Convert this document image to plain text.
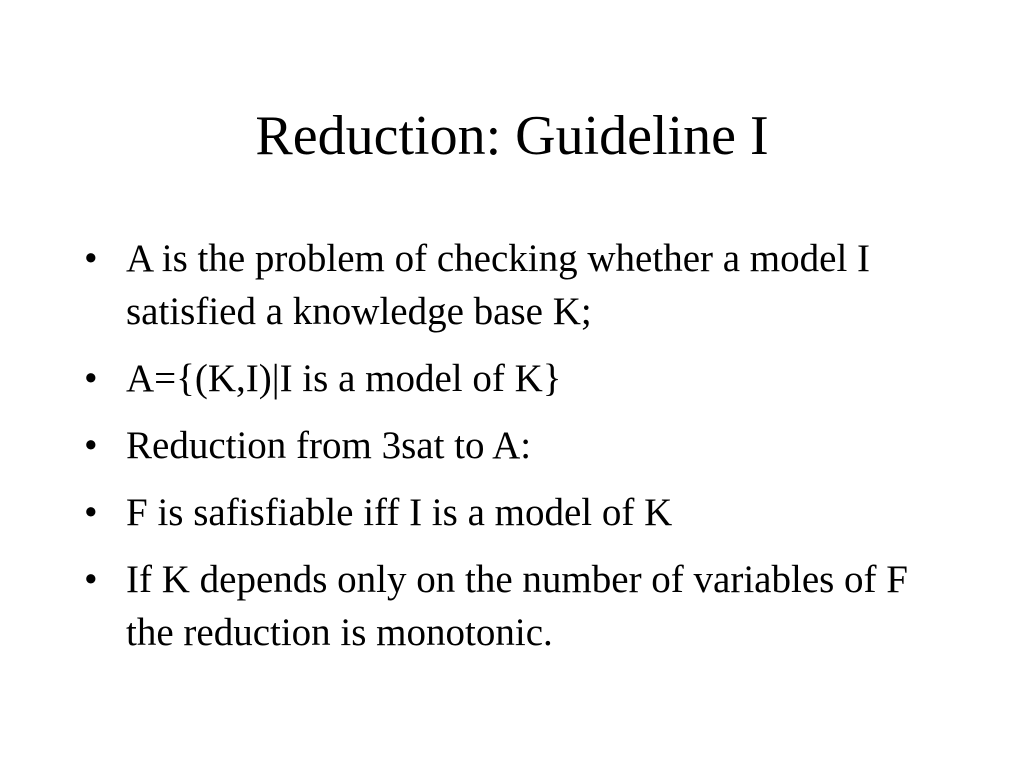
Reduction: Guideline I
• A is the problem of checking whether a model I satisfied a knowledge base K;
• A={(K,I)|I is a model of K}
• Reduction from 3sat to A:
• F is safisfiable iff I is a model of K
• If K depends only on the number of variables of F the reduction is monotonic.
